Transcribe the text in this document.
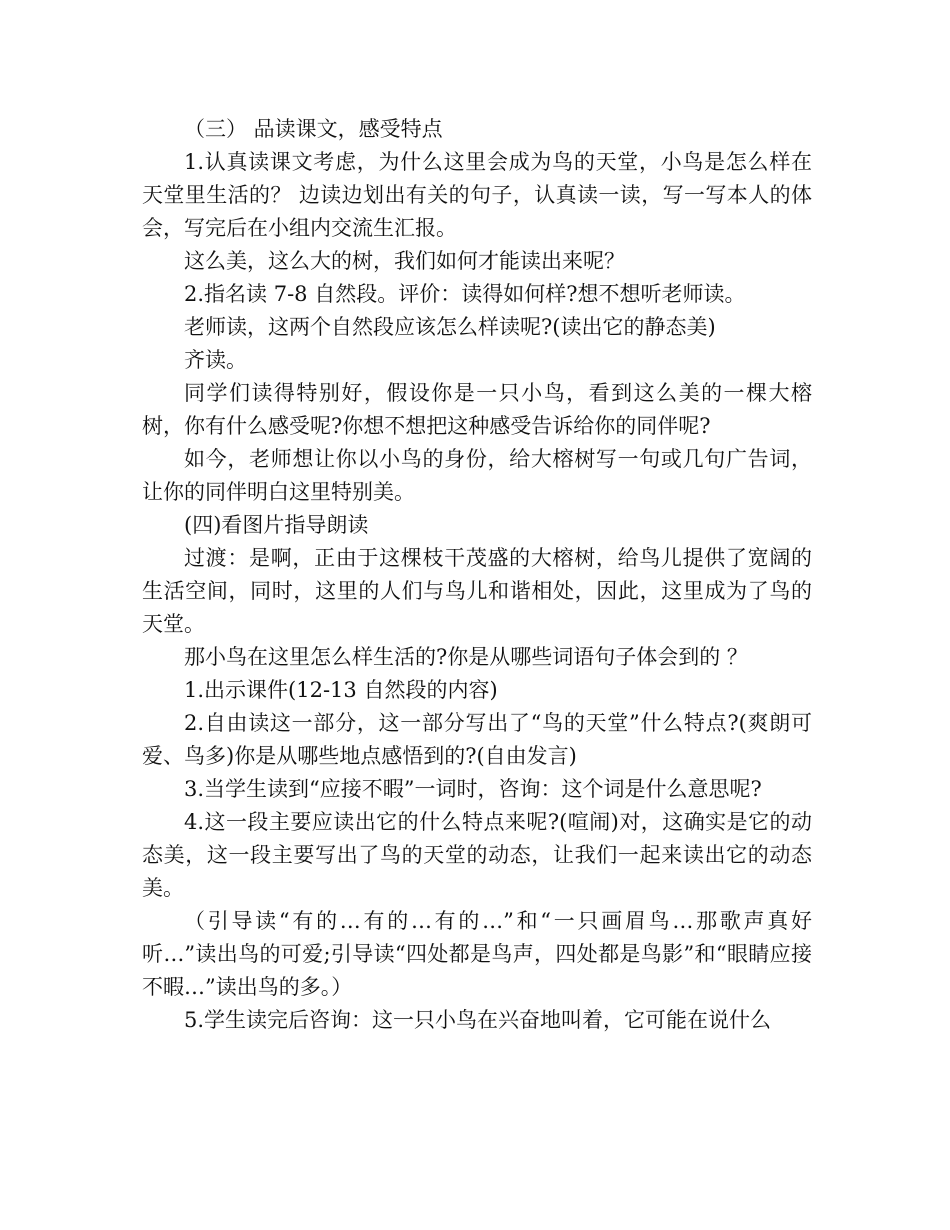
（三） 品读课文，感受特点

1.认真读课文考虑，为什么这里会成为鸟的天堂，小鸟是怎么样在天堂里生活的？ 边读边划出有关的句子，认真读一读，写一写本人的体会，写完后在小组内交流生汇报。

这么美，这么大的树，我们如何才能读出来呢？

2.指名读 7-8 自然段。评价：读得如何样?想不想听老师读。

老师读，这两个自然段应该怎么样读呢?(读出它的静态美)

齐读。

同学们读得特别好，假设你是一只小鸟，看到这么美的一棵大榕树，你有什么感受呢?你想不想把这种感受告诉给你的同伴呢?

如今，老师想让你以小鸟的身份，给大榕树写一句或几句广告词，让你的同伴明白这里特别美。

(四)看图片指导朗读

过渡：是啊，正由于这棵枝干茂盛的大榕树，给鸟儿提供了宽阔的生活空间，同时，这里的人们与鸟儿和谐相处，因此，这里成为了鸟的天堂。

那小鸟在这里怎么样生活的?你是从哪些词语句子体会到的 ？

1.出示课件(12-13 自然段的内容)

2.自由读这一部分，这一部分写出了“鸟的天堂”什么特点?(爽朗可爱、鸟多)你是从哪些地点感悟到的?(自由发言)

3.当学生读到“应接不暇”一词时，咨询：这个词是什么意思呢?

4.这一段主要应读出它的什么特点来呢?(喧闹)对，这确实是它的动态美，这一段主要写出了鸟的天堂的动态，让我们一起来读出它的动态美。

（引导读“有的…有的…有的…”和“一只画眉鸟…那歌声真好听…”读出鸟的可爱;引导读“四处都是鸟声，四处都是鸟影”和“眼睛应接不暇…”读出鸟的多。）

5.学生读完后咨询：这一只小鸟在兴奋地叫着，它可能在说什么
